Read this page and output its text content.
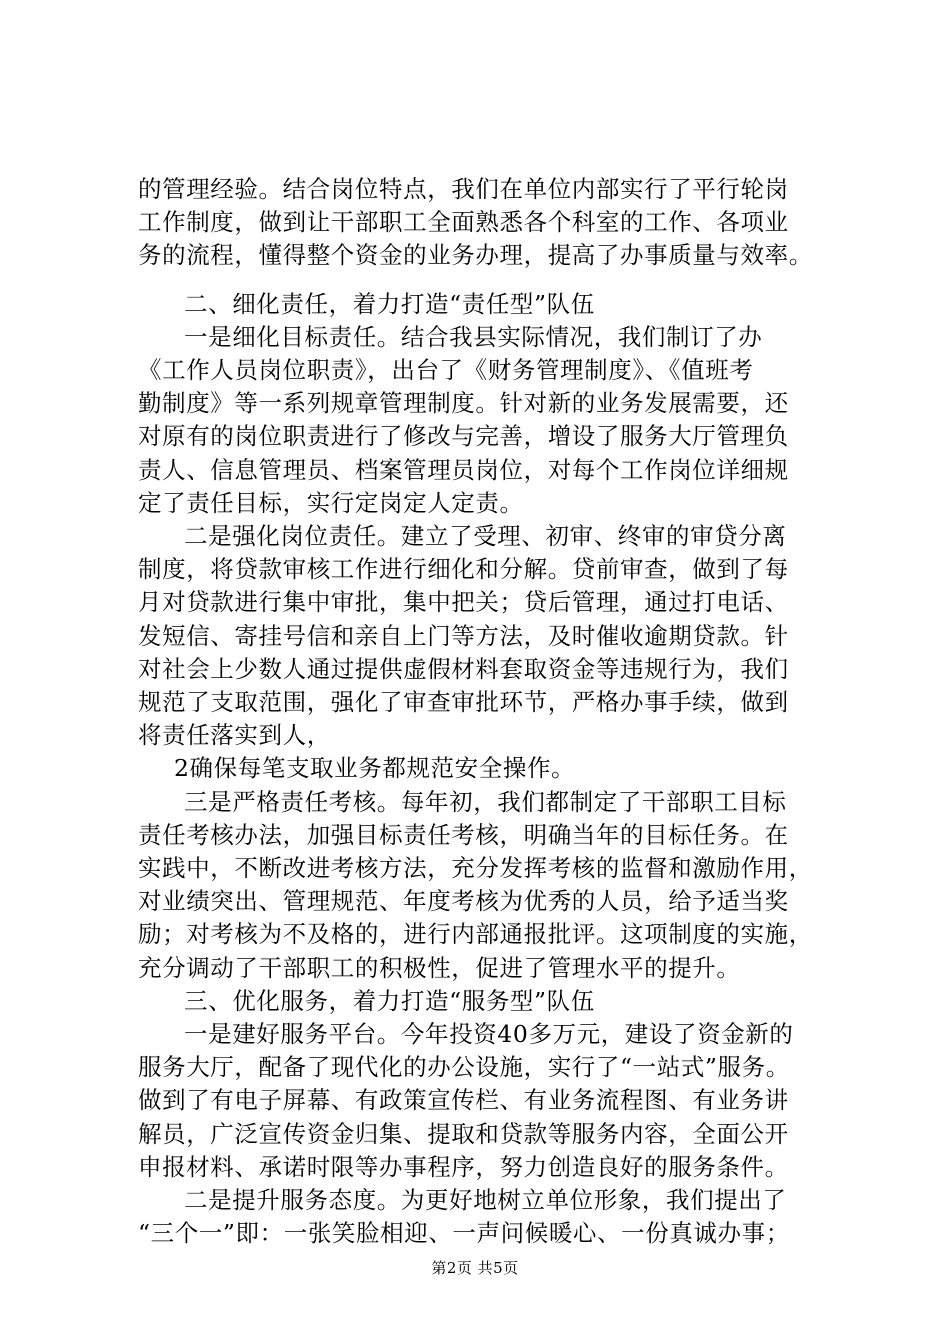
的管理经验。结合岗位特点，我们在单位内部实行了平行轮岗
工作制度，做到让干部职工全面熟悉各个科室的工作、各项业
务的流程，懂得整个资金的业务办理，提高了办事质量与效率。
二、细化责任，着力打造“责任型”队伍
一是细化目标责任。结合我县实际情况，我们制订了办
《工作人员岗位职责》，出台了《财务管理制度》、《值班考
勤制度》等一系列规章管理制度。针对新的业务发展需要，还
对原有的岗位职责进行了修改与完善，增设了服务大厅管理负
责人、信息管理员、档案管理员岗位，对每个工作岗位详细规
定了责任目标，实行定岗定人定责。
二是强化岗位责任。建立了受理、初审、终审的审贷分离
制度，将贷款审核工作进行细化和分解。贷前审查，做到了每
月对贷款进行集中审批，集中把关；贷后管理，通过打电话、
发短信、寄挂号信和亲自上门等方法，及时催收逾期贷款。针
对社会上少数人通过提供虚假材料套取资金等违规行为，我们
规范了支取范围，强化了审查审批环节，严格办事手续，做到
将责任落实到人，
2确保每笔支取业务都规范安全操作。
三是严格责任考核。每年初，我们都制定了干部职工目标
责任考核办法，加强目标责任考核，明确当年的目标任务。在
实践中，不断改进考核方法，充分发挥考核的监督和激励作用，
对业绩突出、管理规范、年度考核为优秀的人员，给予适当奖
励；对考核为不及格的，进行内部通报批评。这项制度的实施，
充分调动了干部职工的积极性，促进了管理水平的提升。
三、优化服务，着力打造“服务型”队伍
一是建好服务平台。今年投资40多万元，建设了资金新的
服务大厅，配备了现代化的办公设施，实行了“一站式”服务。
做到了有电子屏幕、有政策宣传栏、有业务流程图、有业务讲
解员，广泛宣传资金归集、提取和贷款等服务内容，全面公开
申报材料、承诺时限等办事程序，努力创造良好的服务条件。
二是提升服务态度。为更好地树立单位形象，我们提出了
“三个一”即：一张笑脸相迎、一声问候暖心、一份真诚办事；
第2页 共5页
